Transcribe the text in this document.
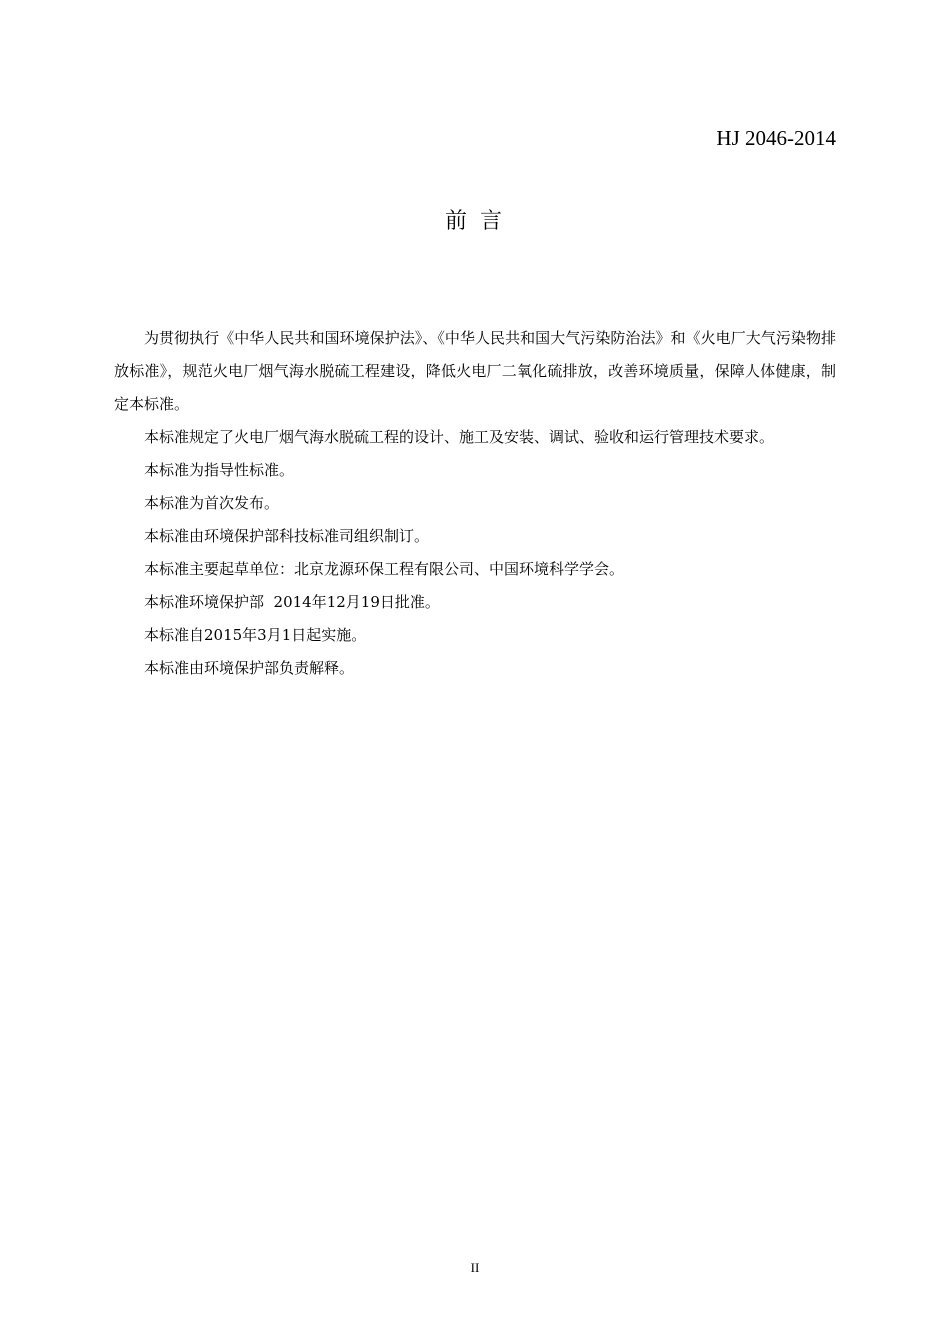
HJ 2046-2014
前 言

为贯彻执行《中华人民共和国环境保护法》、《中华人民共和国大气污染防治法》和《火电厂大气污染物排放标准》，规范火电厂烟气海水脱硫工程建设，降低火电厂二氧化硫排放，改善环境质量，保障人体健康，制定本标准。

本标准规定了火电厂烟气海水脱硫工程的设计、施工及安装、调试、验收和运行管理技术要求。

本标准为指导性标准。

本标准为首次发布。

本标准由环境保护部科技标准司组织制订。

本标准主要起草单位：北京龙源环保工程有限公司、中国环境科学学会。

本标准环境保护部  2014年12月19日批准。

本标准自2015年3月1日起实施。

本标准由环境保护部负责解释。

II
